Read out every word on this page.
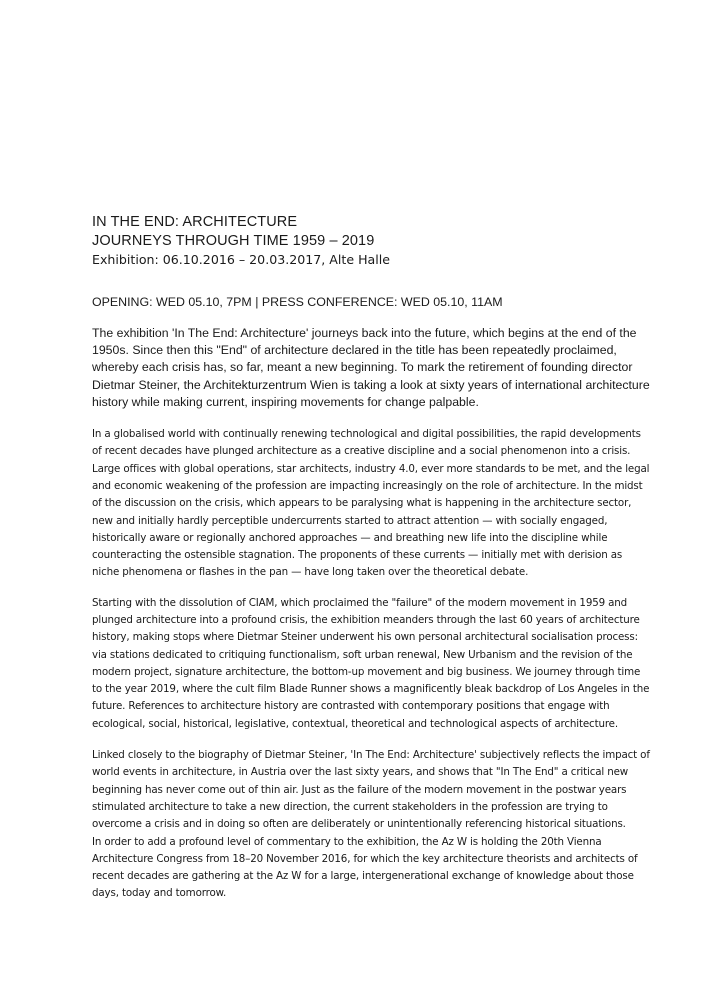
IN THE END: ARCHITECTURE

JOURNEYS THROUGH TIME 1959 – 2019

Exhibition: 06.10.2016 – 20.03.2017, Alte Halle

OPENING: WED 05.10, 7PM | PRESS CONFERENCE: WED 05.10, 11AM

The exhibition 'In The End: Architecture' journeys back into the future, which begins at the end of the 1950s. Since then this "End" of architecture declared in the title has been repeatedly proclaimed, whereby each crisis has, so far, meant a new beginning. To mark the retirement of founding director Dietmar Steiner, the Architekturzentrum Wien is taking a look at sixty years of international architecture history while making current, inspiring movements for change palpable.

In a globalised world with continually renewing technological and digital possibilities, the rapid developments of recent decades have plunged architecture as a creative discipline and a social phenomenon into a crisis. Large offices with global operations, star architects, industry 4.0, ever more standards to be met, and the legal and economic weakening of the profession are impacting increasingly on the role of architecture. In the midst of the discussion on the crisis, which appears to be paralysing what is happening in the architecture sector, new and initially hardly perceptible undercurrents started to attract attention — with socially engaged, historically aware or regionally anchored approaches — and breathing new life into the discipline while counteracting the ostensible stagnation. The proponents of these currents — initially met with derision as niche phenomena or flashes in the pan — have long taken over the theoretical debate.

Starting with the dissolution of CIAM, which proclaimed the "failure" of the modern movement in 1959 and plunged architecture into a profound crisis, the exhibition meanders through the last 60 years of architecture history, making stops where Dietmar Steiner underwent his own personal architectural socialisation process: via stations dedicated to critiquing functionalism, soft urban renewal, New Urbanism and the revision of the modern project, signature architecture, the bottom-up movement and big business. We journey through time to the year 2019, where the cult film Blade Runner shows a magnificently bleak backdrop of Los Angeles in the future. References to architecture history are contrasted with contemporary positions that engage with ecological, social, historical, legislative, contextual, theoretical and technological aspects of architecture.

Linked closely to the biography of Dietmar Steiner, 'In The End: Architecture' subjectively reflects the impact of world events in architecture, in Austria over the last sixty years, and shows that "In The End" a critical new beginning has never come out of thin air. Just as the failure of the modern movement in the postwar years stimulated architecture to take a new direction, the current stakeholders in the profession are trying to overcome a crisis and in doing so often are deliberately or unintentionally referencing historical situations.
In order to add a profound level of commentary to the exhibition, the Az W is holding the 20th Vienna Architecture Congress from 18–20 November 2016, for which the key architecture theorists and architects of recent decades are gathering at the Az W for a large, intergenerational exchange of knowledge about those days, today and tomorrow.
